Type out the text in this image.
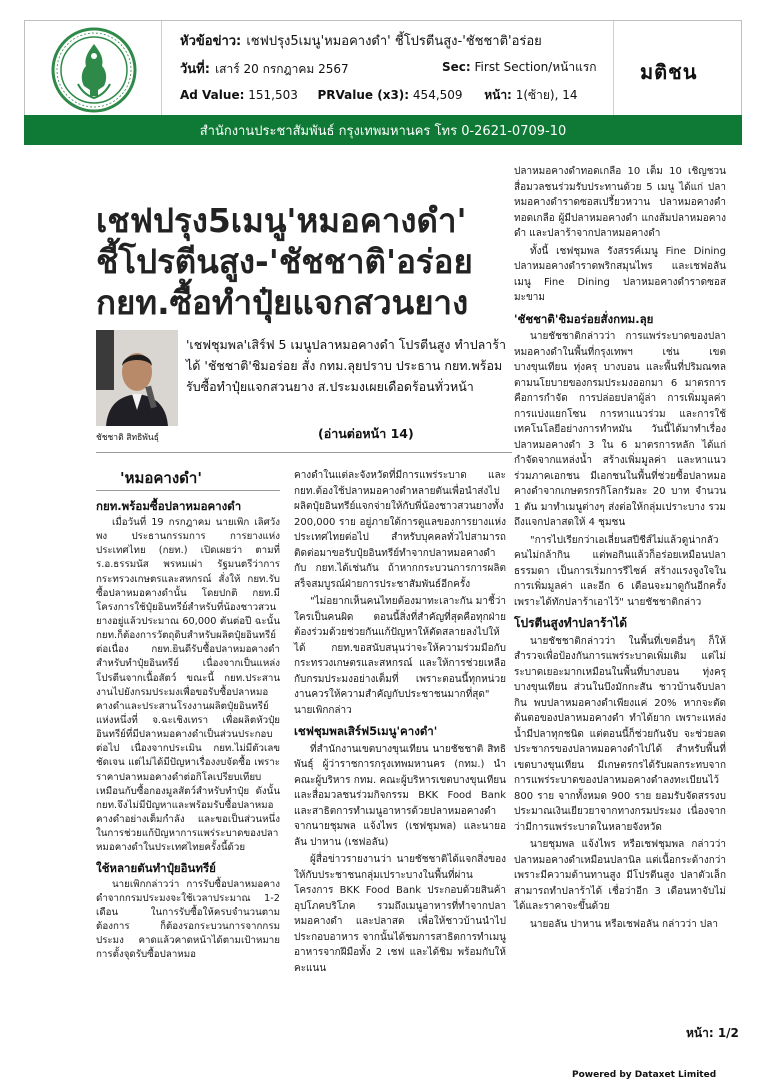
หัวข้อข่าว: เชฟปรุง5เมนู'หมอคางดำ' ชี้โปรตีนสูง-'ชัชชาติ'อร่อย
วันที่: เสาร์ 20 กรกฎาคม 2567	Sec: First Section/หน้าแรก
Ad Value: 151,503 PRValue (x3): 454,509 หน้า: 1(ซ้าย), 14
มติชน
สำนักงานประชาสัมพันธ์ กรุงเทพมหานคร โทร 0-2621-0709-10
เชฟปรุง5เมนู'หมอคางดำ'
ชี้โปรตีนสูง-'ชัชชาติ'อร่อย
กยท.ซื้อทำปุ๋ยแจกสวนยาง
ชัชชาติ สิทธิพันธุ์
'เชฟชุมพล'เสิร์ฟ 5 เมนูปลาหมอคางดำ โปรตีนสูง ทำปลาร้าได้ 'ชัชชาติ'ชิมอร่อย สั่ง กทม.ลุยปราบ ประธาน กยท.พร้อมรับซื้อทำปุ๋ยแจกสวนยาง ส.ประมงเผยเดือดร้อนทั่วหน้า
(อ่านต่อหน้า 14)
'หมอคางดำ'
กยท.พร้อมซื้อปลาหมอคางดำ

เมื่อวันที่ 19 กรกฎาคม นายเพิก เลิศวังพง ประธานกรรมการ การยางแห่งประเทศไทย (กยท.) เปิดเผยว่า ตามที่ ร.อ.ธรรมนัส พรหมเผ่า รัฐมนตรีว่าการกระทรวงเกษตรและสหกรณ์ สั่งให้ กยท.รับซื้อปลาหมอคางดำนั้น โดยปกติ กยท.มีโครงการใช้ปุ๋ยอินทรีย์สำหรับที่น้องชาวสวนยางอยู่แล้วประมาณ 60,000 ตันต่อปี ฉะนั้น กยท.ก็ต้องการวัตถุดิบสำหรับผลิตปุ๋ยอินทรีย์ต่อเนื่อง กยท.ยินดีรับซื้อปลาหมอคางดำสำหรับทำปุ๋ยอินทรีย์ เนื่องจากเป็นแหล่งโปรตีนจากเนื้อสัตว์ ขณะนี้ กยท.ประสานงานไปยังกรมประมงเพื่อขอรับซื้อปลาหมอคางดำและประสานโรงงานผลิตปุ๋ยอินทรีย์แห่งหนึ่งที่ จ.ฉะเชิงเทรา เพื่อผลิตหัวปุ๋ยอินทรีย์ที่มีปลาหมอคางดำเป็นส่วนประกอบต่อไป เนื่องจากประเมิน กยท.ไม่มีตัวเลขชัดเจน แต่ไม่ได้มีปัญหาเรื่องงบจัดซื้อ เพราะราคาปลาหมอคางดำต่อกิโลเปรียบเทียบเหมือนกับซื้อกองมูลสัตว์สำหรับทำปุ๋ย ดังนั้น กยท.จึงไม่มีปัญหาและพร้อมรับซื้อปลาหมอคางดำอย่างเต็มกำลัง และขอเป็นส่วนหนึ่งในการช่วยแก้ปัญหาการแพร่ระบาดของปลาหมอคางดำในประเทศไทยครั้งนี้ด้วย

ใช้หลายตันทำปุ๋ยอินทรีย์

นายเพิกกล่าวว่า การรับซื้อปลาหมอคางดำจากกรมประมงจะใช้เวลาประมาณ 1-2 เดือน ในการรับซื้อให้ครบจำนวนตามต้องการ ก็ต้องรอกระบวนการจากกรมประมง คาดแล้วคาดหน้าได้ตามเป้าหมายการตั้งจุดรับซื้อปลาหมอ

คางดำในแต่ละจังหวัดที่มีการแพร่ระบาด และ กยท.ต้องใช้ปลาหมอคางดำหลายตันเพื่อนำส่งไปผลิตปุ๋ยอินทรีย์แจกจ่ายให้กับพี่น้องชาวสวนยางทั้ง 200,000 ราย อยู่ภายใต้การดูแลของการยางแห่งประเทศไทยต่อไป สำหรับบุคคลทั่วไปสามารถติดต่อมาขอรับปุ๋ยอินทรีย์ทำจากปลาหมอคางดำกับ กยท.ได้เช่นกัน ถ้าหากกระบวนการการผลิตสร็จสมบูรณ์ฝ่ายการประชาสัมพันธ์อีกครั้ง

"ไม่อยากเห็นคนไทยต้องมาทะเลาะกัน มาชี้ว่าใครเป็นคนผิด ตอนนี้สิ่งที่สำคัญที่สุดคือทุกฝ่ายต้องร่วมด้วยช่วยกันแก้ปัญหาให้ตัดสลายลงไปให้ได้ กยท.ขอสนับสนุนว่าจะให้ความร่วมมือกับกระทรวงเกษตรและสหกรณ์ และให้การช่วยเหลือกับกรมประมงอย่างเต็มที่ เพราะตอนนี้ทุกหน่วยงานควรให้ความสำคัญกับประชาชนมากที่สุด" นายเพิกกล่าว

เชฟชุมพลเสิร์ฟ5เมนู'คางดำ'

ที่สำนักงานเขตบางขุนเทียน นายชัชชาติ สิทธิพันธุ์ ผู้ว่าราชการกรุงเทพมหานคร (กทม.) นำคณะผู้บริหาร กทม. คณะผู้บริหารเขตบางขุนเทียน และสื่อมวลชนร่วมกิจกรรม BKK Food Bank และสาธิตการทำเมนูอาหารด้วยปลาหมอคางดำ จากนายชุมพล แจ้งไพร (เชฟชุมพล) และนายอลัน ปาหาน (เชฟอลัน)

ผู้สื่อข่าวรายงานว่า นายชัชชาติได้แจกสิ่งของให้กับประชาชนกลุ่มเปราะบางในพื้นที่ผ่านโครงการ BKK Food Bank ประกอบด้วยสินค้าอุปโภคบริโภค รวมถึงเมนูอาหารที่ทำจากปลาหมอคางดำ และปลาสด เพื่อให้ชาวบ้านนำไปประกอบอาหาร จากนั้นได้ชมการสาธิตการทำเมนูอาหารจากฝีมือทั้ง 2 เชฟ และได้ชิม พร้อมกับให้คะแนน

ปลาหมอคางดำทอดเกลือ 10 เต็ม 10 เชิญชวนสื่อมวลชนร่วมรับประทานด้วย 5 เมนู ได้แก่ ปลาหมอคางดำราดซอสเปรี้ยวหวาน ปลาหมอคางดำทอดเกลือ ผู้มีปลาหมอคางดำ แกงส้มปลาหมอคางดำ และปลาร้าจากปลาหมอคางดำ

ทั้งนี้ เชฟชุมพล รังสรรค์เมนู Fine Dining ปลาหมอคางดำราดพริกสมุนไพร และเชฟอลันเมนู Fine Dining ปลาหมอคางดำราดซอสมะขาม

'ชัชชาติ'ชิมอร่อยสั่งกทม.ลุย

นายชัชชาติกล่าวว่า การแพร่ระบาดของปลาหมอคางดำในพื้นที่กรุงเทพฯ เช่น เขตบางขุนเทียน ทุ่งครุ บางบอน และพื้นที่ปริมณฑล ตามนโยบายของกรมประมงออกมา 6 มาตรการคือการกำจัด การปล่อยปลาผู้ล่า การเพิ่มมูลค่า การแบ่งแยกโซน การหาแนวร่วม และการใช้เทคโนโลยีอย่างการทำหมัน วันนี้ได้มาทำเรื่องปลาหมอคางดำ 3 ใน 6 มาตรการหลัก ได้แก่ กำจัดจากแหล่งน้ำ สร้างเพิ่มมูลค่า และหาแนวร่วมภาคเอกชน มีเอกชนในพื้นที่ช่วยซื้อปลาหมอคางดำจากเกษตรกรกิโลกรัมละ 20 บาท จำนวน 1 ตัน มาทำเมนูต่างๆ ส่งต่อให้กลุ่มเปราะบาง รวมถึงแจกปลาสดให้ 4 ชุมชน

"การไปเรียกว่าเอเลี่ยนสปีชีส์ไม่แล้วดูน่ากลัวคนไม่กล้ากิน แต่พอกินแล้วก็อร่อยเหมือนปลาธรรมดา เป็นการเริ่มการรีไซค์ สร้างแรงจูงใจในการเพิ่มมูลค่า และอีก 6 เดือนจะมาดูกันอีกครั้งเพราะได้ทักปลาร้าเอาไว้" นายชัชชาติกล่าว

โปรตีนสูงทำปลาร้าได้

นายชัชชาติกล่าวว่า ในพื้นที่เขตอื่นๆ ก็ให้สำรวจเพื่อป้องกันการแพร่ระบาดเพิ่มเติม แต่ไม่ระบาดเยอะมากเหมือนในพื้นที่บางบอน ทุ่งครุ บางขุนเทียน ส่วนในบึงมักกะสัน ชาวบ้านจับปลากิน พบปลาหมอคางดำเพียงแค่ 20% หากจะตัดต้นตอของปลาหมอคางดำ ทำได้ยาก เพราะแหล่งน้ำมีปลาทุกชนิด แต่ตอนนี้ก็ช่วยกันจับ จะช่วยลดประชากรของปลาหมอคางดำไปได้ สำหรับพื้นที่เขตบางขุนเทียน มีเกษตรกรได้รับผลกระทบจากการแพร่ระบาดของปลาหมอคางดำลงทะเบียนไว้ 800 ราย จากทั้งหมด 900 ราย ยอมรับจัดสรรงบประมาณเงินเยียวยาจากทางกรมประมง เนื่องจากว่ามีการแพร่ระบาดในหลายจังหวัด

นายชุมพล แจ้งไพร หรือเชฟชุมพล กล่าวว่า ปลาหมอคางดำเหมือนปลานิล แต่เนื้อกระด้างกว่า เพราะมีความต้านทานสูง มีโปรตีนสูง ปลาตัวเล็กสามารถทำปลาร้าได้ เชื่อว่าอีก 3 เดือนหาจับไม่ได้และราคาจะขึ้นด้วย

นายอลัน ปาหาน หรือเชฟอลัน กล่าวว่า ปลา

หน้า: 1/2
Powered by Dataxet Limited
